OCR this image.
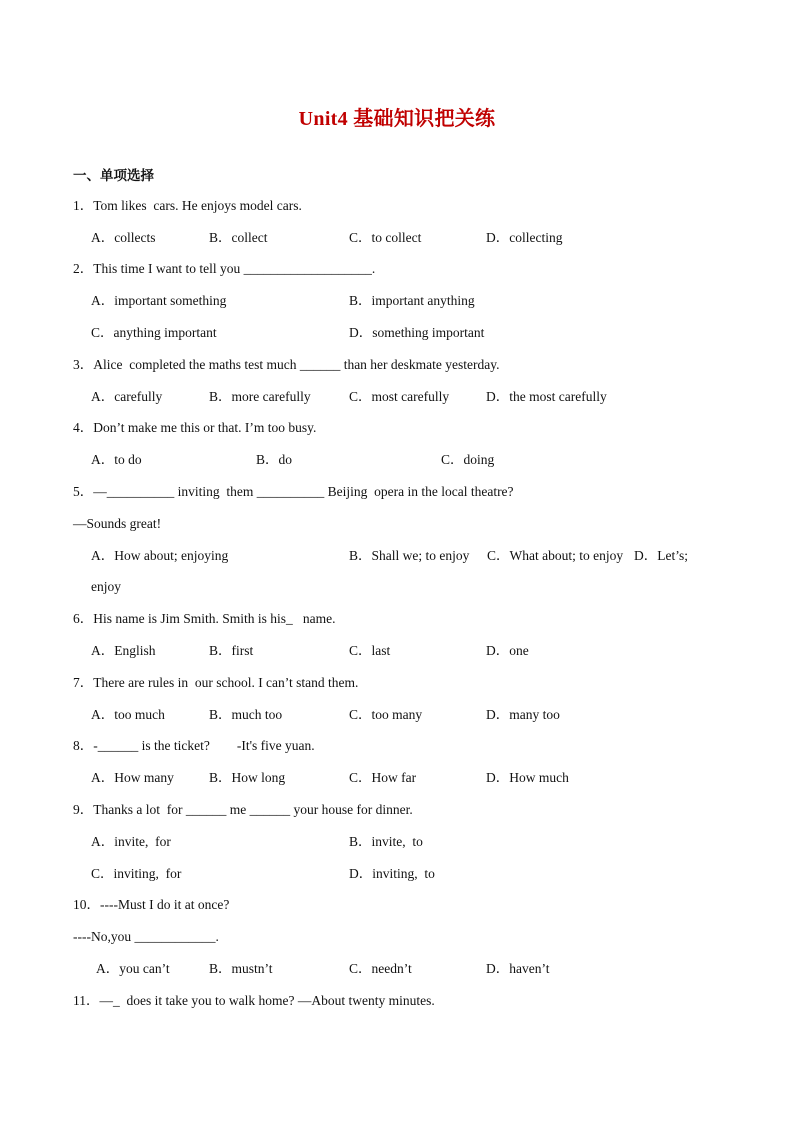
Unit4 基础知识把关练
一、单项选择
1．Tom likes  cars. He enjoys model cars.
A．collects	B．collect	C．to collect	D．collecting
2．This time I want to tell you ___________________.
A．important something	B．important anything
C．anything important	D．something important
3．Alice  completed the maths test much ______ than her deskmate yesterday.
A．carefully	B．more carefully	C．most carefully	D．the most carefully
4．Don’t make me this or that. I’m too busy.
A．to do	B．do	C．doing
5．—__________ inviting  them __________ Beijing  opera in the local theatre?
—Sounds great!
A．How about; enjoying	B．Shall we; to enjoy C．What about; to enjoy D．Let’s;
enjoy
6．His name is Jim Smith. Smith is his_   name.
A．English	B．first	C．last	D．one
7．There are rules in  our school. I can’t stand them.
A．too much	B．much too	C．too many	D．many too
8．-______ is the ticket?        -It's five yuan.
A．How many	B．How long	C．How far	D．How much
9．Thanks a lot  for ______ me ______ your house for dinner.
A．invite,  for	B．invite,  to
C．inviting,  for	D．inviting,  to
10．----Must I do it at once?
----No,you ____________.
A．you can’t	B．mustn’t	C．needn’t	D．haven’t
11．—_  does it take you to walk home? —About twenty minutes.
